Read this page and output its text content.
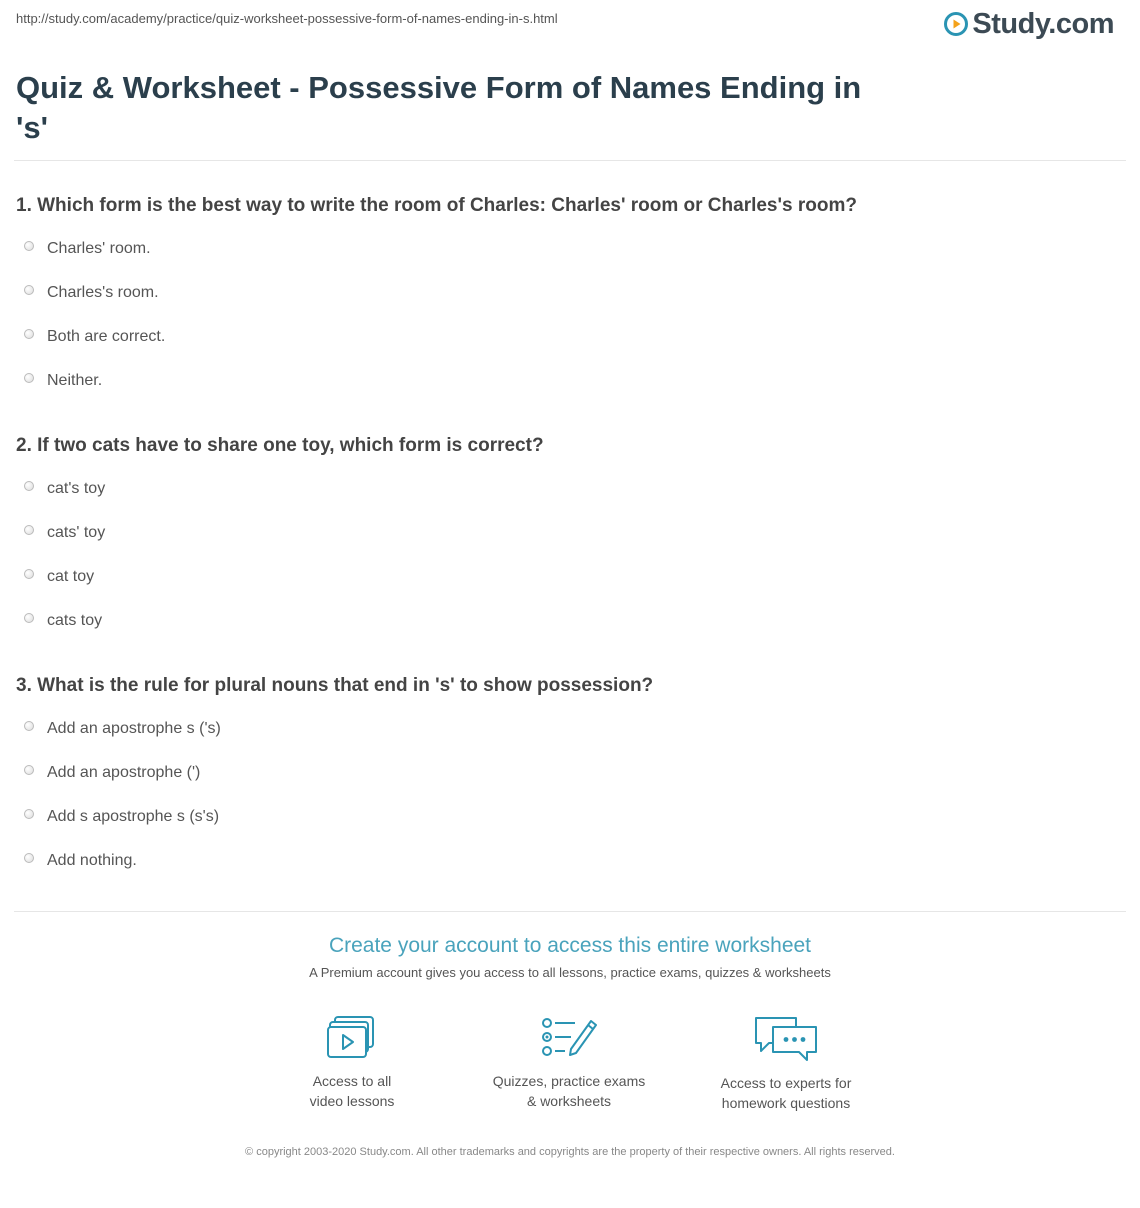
http://study.com/academy/practice/quiz-worksheet-possessive-form-of-names-ending-in-s.html	Study.com
Quiz & Worksheet - Possessive Form of Names Ending in 's'
1. Which form is the best way to write the room of Charles: Charles' room or Charles's room?
Charles' room.
Charles's room.
Both are correct.
Neither.
2. If two cats have to share one toy, which form is correct?
cat's toy
cats' toy
cat toy
cats toy
3. What is the rule for plural nouns that end in 's' to show possession?
Add an apostrophe s ('s)
Add an apostrophe (')
Add s apostrophe s (s's)
Add nothing.
Create your account to access this entire worksheet
A Premium account gives you access to all lessons, practice exams, quizzes & worksheets
Access to all
video lessons
Quizzes, practice exams
& worksheets
Access to experts for
homework questions
© copyright 2003-2020 Study.com. All other trademarks and copyrights are the property of their respective owners. All rights reserved.
